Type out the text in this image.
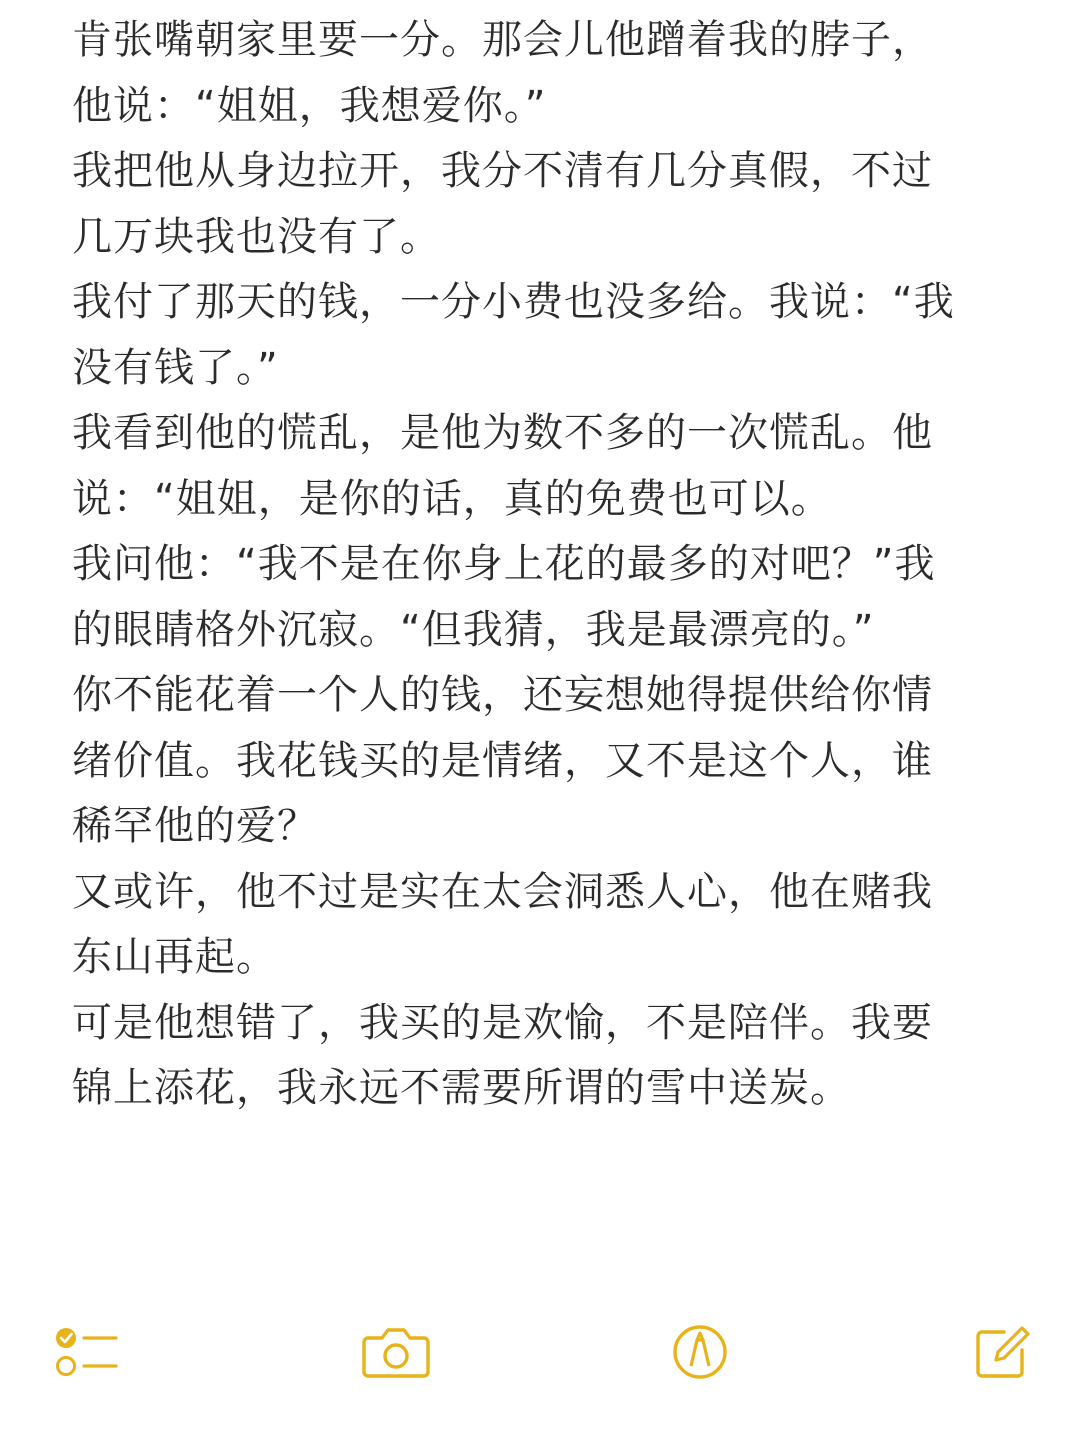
肯张嘴朝家里要一分。那会儿他蹭着我的脖子，
他说：“姐姐，我想爱你。”
我把他从身边拉开，我分不清有几分真假，不过
几万块我也没有了。
我付了那天的钱，一分小费也没多给。我说：“我
没有钱了。”
我看到他的慌乱，是他为数不多的一次慌乱。他
说：“姐姐，是你的话，真的免费也可以。
我问他：“我不是在你身上花的最多的对吧？”我
的眼睛格外沉寂。“但我猜，我是最漂亮的。”
你不能花着一个人的钱，还妄想她得提供给你情
绪价值。我花钱买的是情绪，又不是这个人，谁
稀罕他的爱？
又或许，他不过是实在太会洞悉人心，他在赌我
东山再起。
可是他想错了，我买的是欢愉，不是陪伴。我要
锦上添花，我永远不需要所谓的雪中送炭。
